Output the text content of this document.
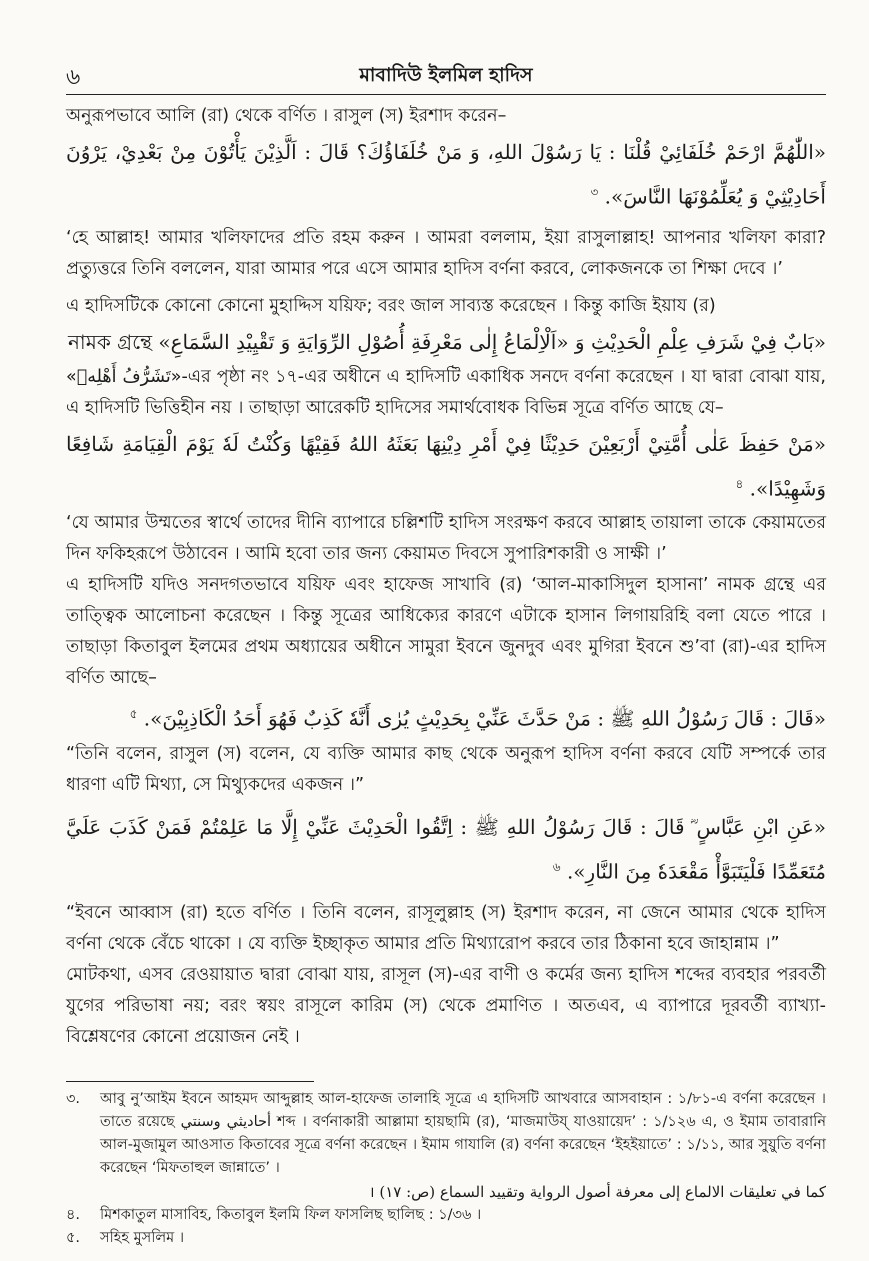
৬	মাবাদিউ ইলমিল হাদিস

অনুরূপভাবে আলি (রা) থেকে বর্ণিত । রাসুল (স) ইরশাদ করেন–

«اللّٰهُمَّ ارْحَمْ خُلَفَائِيْ قُلْنَا : يَا رَسُوْلَ اللهِ، وَ مَنْ خُلَفَاؤُكَ؟ قَالَ : اَلَّذِيْنَ يَأْتُوْنَ مِنْ بَعْدِيْ، يَرْوُنَ أَحَادِيْثِيْ وَ يُعَلِّمُوْنَهَا النَّاسَ». $^৩$

‘হে আল্লাহ! আমার খলিফাদের প্রতি রহম করুন । আমরা বললাম, ইয়া রাসুলাল্লাহ! আপনার খলিফা কারা? প্রত্যুত্তরে তিনি বললেন, যারা আমার পরে এসে আমার হাদিস বর্ণনা করবে, লোকজনকে তা শিক্ষা দেবে ।’

এ হাদিসটিকে কোনো কোনো মুহাদ্দিস যয়িফ; বরং জাল সাব্যস্ত করেছেন । কিন্তু কাজি ইয়ায (র)

«بَابٌ فِيْ شَرَفِ عِلْمِ الْحَدِيْثِ وَ «اَلْاِلْمَاعُ إِلٰى مَعْرِفَةِ أُصُوْلِ الرِّوَايَةِ وَ تَقْيِيْدِ السَّمَاعِ» নামক গ্রন্থে

«تَشَرُّفُ أَهْلِهٖ»-এর পৃষ্ঠা নং ১৭-এর অধীনে এ হাদিসটি একাধিক সনদে বর্ণনা করেছেন । যা দ্বারা বোঝা যায়, এ হাদিসটি ভিত্তিহীন নয় । তাছাড়া আরেকটি হাদিসের সমার্থবোধক বিভিন্ন সূত্রে বর্ণিত আছে যে–

«مَنْ حَفِظَ عَلٰى أُمَّتِيْ أَرْبَعِيْنَ حَدِيْثًا فِيْ أَمْرِ دِيْنِهَا بَعَثَهُ اللهُ فَقِيْهًا وَكُنْتُ لَهٗ يَوْمَ الْقِيَامَةِ شَافِعًا وَشَهِيْدًا». $^৪$

‘যে আমার উম্মতের স্বার্থে তাদের দীনি ব্যাপারে চল্লিশটি হাদিস সংরক্ষণ করবে আল্লাহ তায়ালা তাকে কেয়ামতের দিন ফকিহরূপে উঠাবেন । আমি হবো তার জন্য কেয়ামত দিবসে সুপারিশকারী ও সাক্ষী ।’

এ হাদিসটি যদিও সনদগতভাবে যয়িফ এবং হাফেজ সাখাবি (র) ‘আল-মাকাসিদুল হাসানা’ নামক গ্রন্থে এর তাত্ত্বিক আলোচনা করেছেন । কিন্তু সূত্রের আধিক্যের কারণে এটাকে হাসান লিগায়রিহি বলা যেতে পারে । তাছাড়া কিতাবুল ইলমের প্রথম অধ্যায়ের অধীনে সামুরা ইবনে জুনদুব এবং মুগিরা ইবনে শু’বা (রা)-এর হাদিস বর্ণিত আছে–

«قَالَ : قَالَ رَسُوْلُ اللهِ ﷺ : مَنْ حَدَّثَ عَنِّيْ بِحَدِيْثٍ يُرٰى أَنَّهٗ كَذِبٌ فَهُوَ أَحَدُ الْكَاذِبِيْنَ». $^৫$

“তিনি বলেন, রাসুল (স) বলেন, যে ব্যক্তি আমার কাছ থেকে অনুরূপ হাদিস বর্ণনা করবে যেটি সম্পর্কে তার ধারণা এটি মিথ্যা, সে মিথ্যুকদের একজন ।”

«عَنِ ابْنِ عَبَّاسٍ ؓ قَالَ : قَالَ رَسُوْلُ اللهِ ﷺ : اِتَّقُوا الْحَدِيْثَ عَنِّيْ إِلَّا مَا عَلِمْتُمْ فَمَنْ كَذَبَ عَلَيَّ مُتَعَمِّدًا فَلْيَتَبَوَّأْ مَقْعَدَهٗ مِنَ النَّارِ». $^৬$

“ইবনে আব্বাস (রা) হতে বর্ণিত । তিনি বলেন, রাসূলুল্লাহ (স) ইরশাদ করেন, না জেনে আমার থেকে হাদিস বর্ণনা থেকে বেঁচে থাকো । যে ব্যক্তি ইচ্ছাকৃত আমার প্রতি মিথ্যারোপ করবে তার ঠিকানা হবে জাহান্নাম ।”

মোটকথা, এসব রেওয়ায়াত দ্বারা বোঝা যায়, রাসূল (স)-এর বাণী ও কর্মের জন্য হাদিস শব্দের ব্যবহার পরবর্তী যুগের পরিভাষা নয়; বরং স্বয়ং রাসূলে কারিম (স) থেকে প্রমাণিত । অতএব, এ ব্যাপারে দূরবর্তী ব্যাখ্যা-বিশ্লেষণের কোনো প্রয়োজন নেই ।

৩.	আবু নু’আইম ইবনে আহমদ আব্দুল্লাহ আল-হাফেজ তালাহি সূত্রে এ হাদিসটি আখবারে আসবাহান : ১/৮১-এ বর্ণনা করেছেন । তাতে রয়েছে أحاديثي وسنتي শব্দ । বর্ণনাকারী আল্লামা হায়ছামি (র), ‘মাজমাউয্ যাওয়ায়েদ’ : ১/১২৬ এ, ও ইমাম তাবারানি আল-মুজামুল আওসাত কিতাবের সূত্রে বর্ণনা করেছেন । ইমাম গাযালি (র) বর্ণনা করেছেন ‘ইহইয়াতে’ : ১/১১, আর সুয়ুতি বর্ণনা করেছেন ‘মিফতাহুল জান্নাতে’ ।

كما في تعليقات الالماع إلى معرفة أصول الرواية وتقييد السماع (ص: ١٧) ।

৪.	মিশকাতুল মাসাবিহ, কিতাবুল ইলমি ফিল ফাসলিছ ছালিছ : ১/৩৬ ।
৫.	সহিহ মুসলিম ।
